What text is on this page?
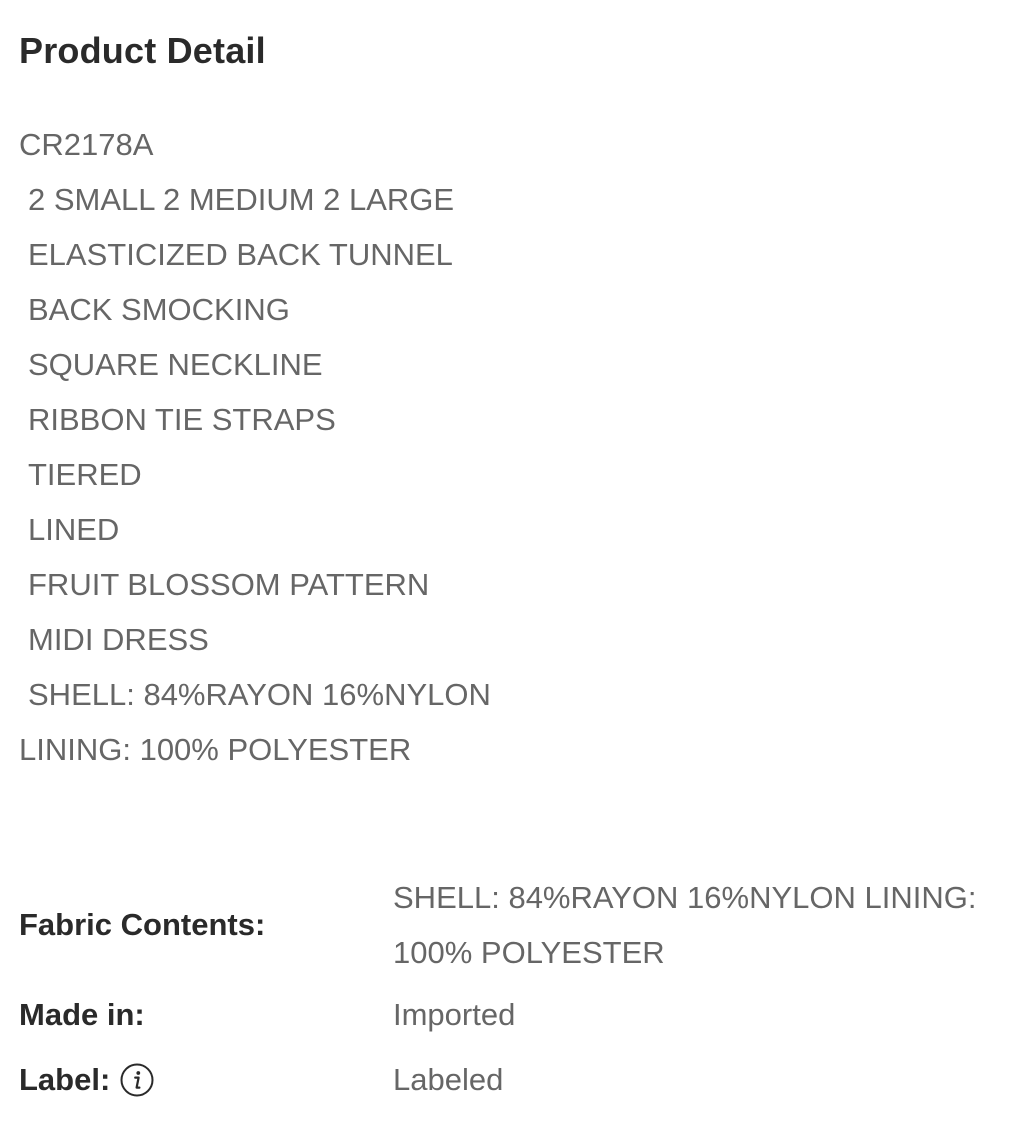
Product Detail
CR2178A
2 SMALL 2 MEDIUM 2 LARGE
ELASTICIZED BACK TUNNEL
BACK SMOCKING
SQUARE NECKLINE
RIBBON TIE STRAPS
TIERED
LINED
FRUIT BLOSSOM PATTERN
MIDI DRESS
SHELL: 84%RAYON 16%NYLON
LINING: 100% POLYESTER
Fabric Contents:
SHELL: 84%RAYON 16%NYLON LINING: 100% POLYESTER
Made in:	Imported
Label:	Labeled
